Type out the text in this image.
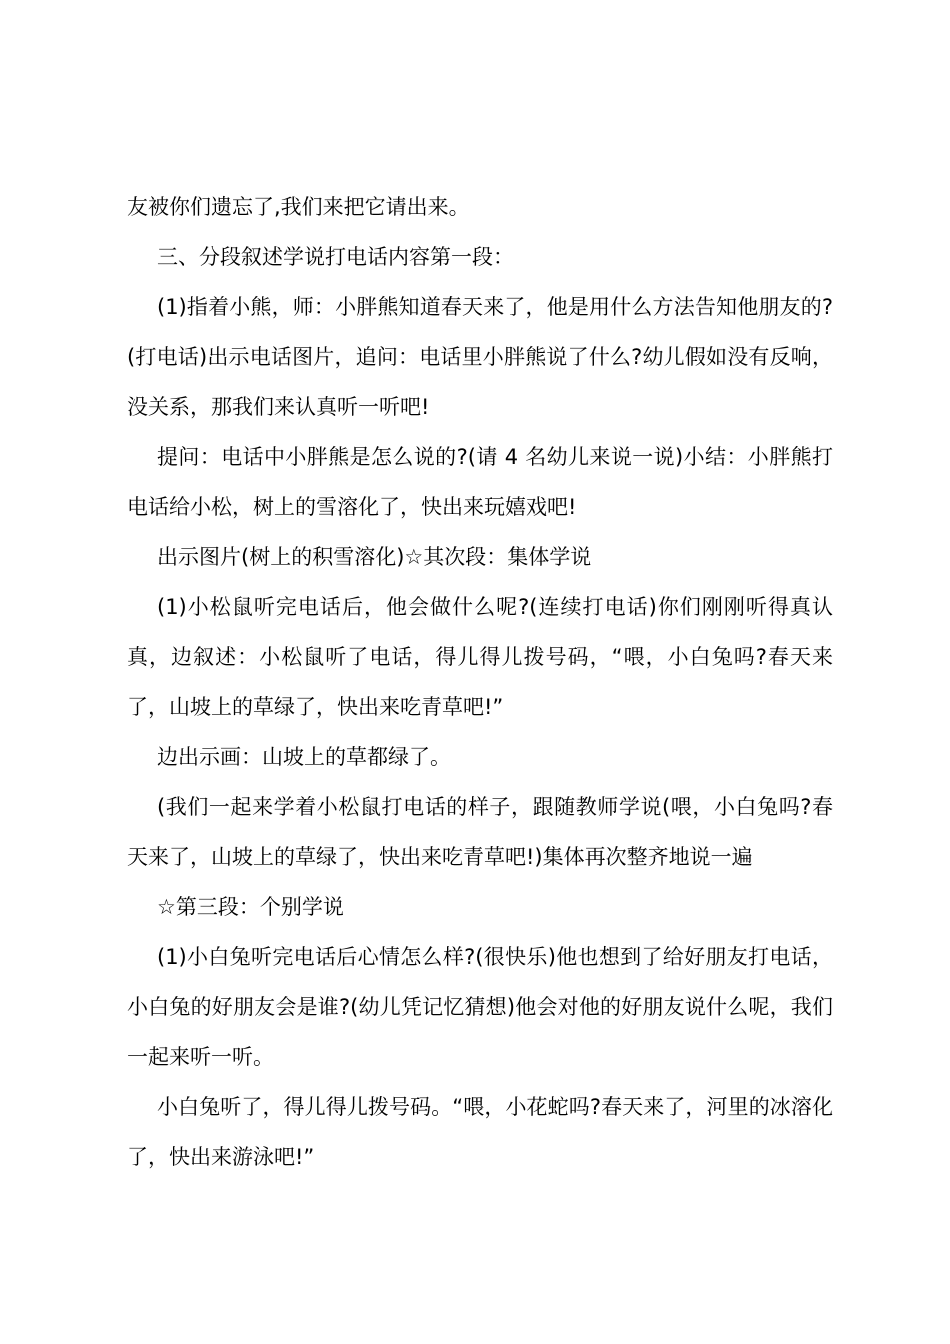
友被你们遗忘了,我们来把它请出来。

三、分段叙述学说打电话内容第一段：

(1)指着小熊，师：小胖熊知道春天来了，他是用什么方法告知他朋友的?(打电话)出示电话图片，追问：电话里小胖熊说了什么?幼儿假如没有反响，没关系，那我们来认真听一听吧!

提问：电话中小胖熊是怎么说的?(请 4 名幼儿来说一说)小结：小胖熊打电话给小松，树上的雪溶化了，快出来玩嬉戏吧!

出示图片(树上的积雪溶化)☆其次段：集体学说

(1)小松鼠听完电话后，他会做什么呢?(连续打电话)你们刚刚听得真认真，边叙述：小松鼠听了电话，得儿得儿拨号码，“喂，小白兔吗?春天来了，山坡上的草绿了，快出来吃青草吧!”

边出示画：山坡上的草都绿了。

(我们一起来学着小松鼠打电话的样子，跟随教师学说(喂，小白兔吗?春天来了，山坡上的草绿了，快出来吃青草吧!)集体再次整齐地说一遍

☆第三段：个别学说

(1)小白兔听完电话后心情怎么样?(很快乐)他也想到了给好朋友打电话，小白兔的好朋友会是谁?(幼儿凭记忆猜想)他会对他的好朋友说什么呢，我们一起来听一听。

小白兔听了，得儿得儿拨号码。“喂，小花蛇吗?春天来了，河里的冰溶化了，快出来游泳吧!”
